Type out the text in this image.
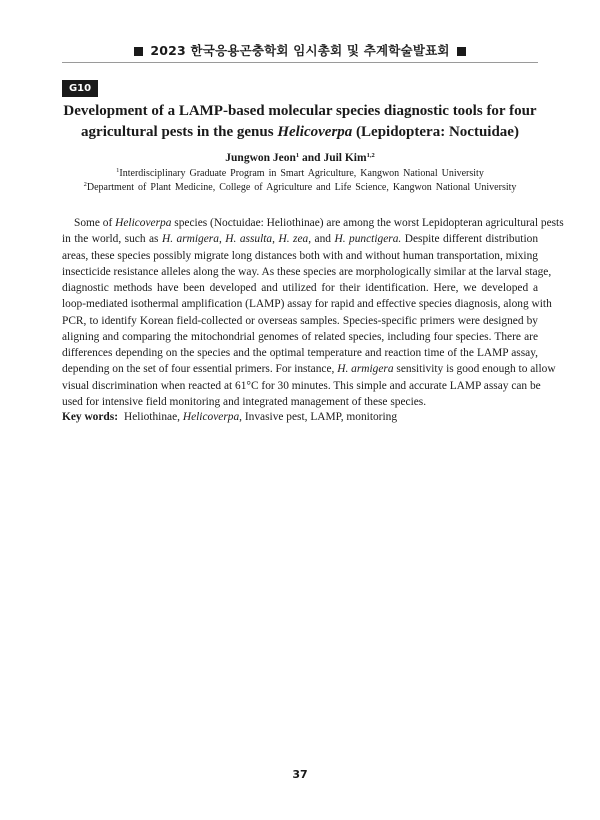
2023 한국응용곤충학회 임시총회 및 추계학술발표회
G10
Development of a LAMP-based molecular species diagnostic tools for four
agricultural pests in the genus Helicoverpa (Lepidoptera: Noctuidae)
Jungwon Jeon$^1$ and Juil Kim$^{1,2}$
$^1$Interdisciplinary Graduate Program in Smart Agriculture, Kangwon National University
$^2$Department of Plant Medicine, College of Agriculture and Life Science, Kangwon National University
Some of Helicoverpa species (Noctuidae: Heliothinae) are among the worst Lepidopteran agricultural pests
in the world, such as H. armigera, H. assulta, H. zea, and H. punctigera. Despite different distribution
areas, these species possibly migrate long distances both with and without human transportation, mixing
insecticide resistance alleles along the way. As these species are morphologically similar at the larval stage,
diagnostic methods have been developed and utilized for their identification. Here, we developed a
loop-mediated isothermal amplification (LAMP) assay for rapid and effective species diagnosis, along with
PCR, to identify Korean field-collected or overseas samples. Species-specific primers were designed by
aligning and comparing the mitochondrial genomes of related species, including four species. There are
differences depending on the species and the optimal temperature and reaction time of the LAMP assay,
depending on the set of four essential primers. For instance, H. armigera sensitivity is good enough to allow
visual discrimination when reacted at 61°C for 30 minutes. This simple and accurate LAMP assay can be
used for intensive field monitoring and integrated management of these species.
Key words: Heliothinae, Helicoverpa, Invasive pest, LAMP, monitoring
37
